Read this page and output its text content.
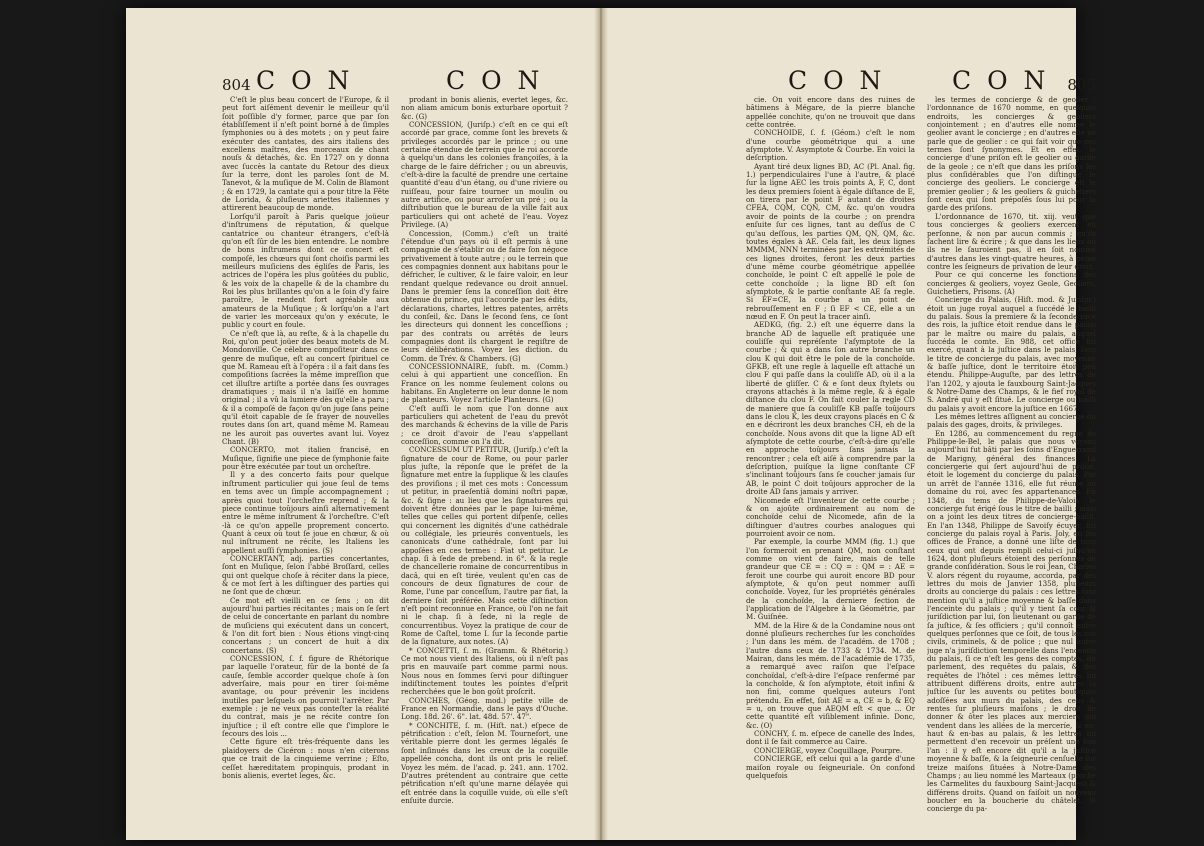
804 C O N	C O N

C'eſt le plus beau concert de l'Europe, & il peut fort aiſément devenir le meilleur qu'il ſoit poſſible d'y former, parce que par ſon établiſſement il n'eſt point borné à de ſimples ſymphonies ou à des motets ; on y peut faire exécuter des cantates, des airs italiens des excellens maîtres, des morceaux de chant nouſs & détachés, &c. En 1727 on y donna avec ſuccès la cantate du Retour des dieux ſur la terre, dont les paroles ſont de M. Tanevot, & la muſique de M. Colin de Blamont ; & en 1729, la cantate qui a pour titre la Fête de Lorida, & pluſieurs ariettes italiennes y attirerent beaucoup de monde.

Lorſqu'il paroît à Paris quelque joüeur d'inſtrumens de réputation, & quelque cantatrice ou chanteur étrangers, c'eſt-là qu'on eſt ſûr de les bien entendre. Le nombre de bons inſtrumens dont ce concert eſt compoſé, les chœurs qui ſont choiſis parmi les meilleurs muſiciens des égliſes de Paris, les actrices de l'opéra les plus goûtées du public, & les voix de la chapelle & de la chambre du Roi les plus brillantes qu'on a le ſoin d'y faire paroître, le rendent fort agréable aux amateurs de la Muſique ; & lorſqu'on a l'art de varier les morceaux qu'on y exécute, le public y court en foule.

Ce n'eſt que là, au reſte, & à la chapelle du Roi, qu'on peut joüer des beaux motets de M. Mondonville. Ce célebre compoſiteur dans ce genre de muſique, eſt au concert ſpirituel ce que M. Rameau eſt à l'opéra : il a fait dans ſes compoſitions ſacrées la même impreſſion que cet illuſtre artiſte a portée dans ſes ouvrages dramatiques ; mais il n'a laiſſé en homme original ; il a vû la lumiere dès qu'elle a paru ; & il a compoſé de façon qu'on juge ſans peine qu'il étoit capable de ſe frayer de nouvelles routes dans ſon art, quand même M. Rameau ne les auroit pas ouvertes avant lui. Voyez Chant. (B)

CONCERTO, mot italien francisé, en Muſique, ſignifie une piece de ſymphonie faite pour être exécutée par tout un orcheſtre.

Il y a des concerto faits pour quelque inſtrument particulier qui joue ſeul de tems en tems avec un ſimple accompagnement ; après quoi tout l'orcheſtre reprend ; & la piece continue toûjours ainſi alternativement entre le même inſtrument & l'orcheſtre. C'eſt -là ce qu'on appelle proprement concerto. Quant à ceux où tout ſe joue en chœur, & où nul inſtrument ne récite, les Italiens les appellent auſſi ſymphonies. (S)

CONCERTANT, adj. parties concertantes, ſont en Muſique, ſelon l'abbé Broſſard, celles qui ont quelque choſe à réciter dans la piece, & ce mot ſert à les diſtinguer des parties qui ne ſont que de chœur.

Ce mot eſt vieilli en ce ſens ; on dit aujourd'hui parties récitantes ; mais on ſe ſert de celui de concertante en parlant du nombre de muſiciens qui exécutent dans un concert, & l'on dit fort bien : Nous étions vingt-cinq concertans ; un concert de huit à dix concertans. (S)

CONCESSION, ſ. f. figure de Rhétorique par laquelle l'orateur, fûr de la bonté de ſa cauſe, ſemble accorder quelque choſe à ſon adverſaire, mais pour en tirer ſoi-même avantage, ou pour prévenir les incidens inutiles par leſquels on pourroit l'arrêter. Par exemple : je ne veux pas conteſter la réalité du contrat, mais je ne récite contre ſon injuſtice ; il eſt contre elle que ſ'implore le ſecours des lois ...

Cette figure eſt très-fréquente dans les plaidoyers de Cicéron : nous n'en citerons que ce trait de la cinquieme verrine ; Eſto, ceſſet hæreditatem propinquis, prodant in bonis alienis, evertet leges, &c.

prodant in bonis alienis, evertet leges, &c. non aliam amicum bonis exturbare oportuit ? &c. (G)

CONCESSION, (Juriſp.) c'eſt en ce qui eſt accordé par grace, comme ſont les brevets & privileges accordés par le prince ; ou une certaine étendue de terrein que le roi accorde à quelqu'un dans les colonies françoiſes, à la charge de le faire défricher ; ou un abreuvis, c'eſt-à-dire la faculté de prendre une certaine quantité d'eau d'un étang, ou d'une riviere ou ruiſſeau, pour faire tourner un moulin ou autre artifice, ou pour arroſer un pré ; ou la diſtribution que le bureau de la ville fait aux particuliers qui ont acheté de l'eau. Voyez Privilege. (A)

Concession, (Comm.) c'eſt un traité ſ'étendue d'un pays où il eſt permis à une compagnie de s'établir ou de faire ſon négoce privativement à toute autre ; ou le terrein que ces compagnies donnent aux habitans pour le défricher, le cultiver, & le faire valoir, en leur rendant quelque redevance ou droit annuel. Dans le premier ſens la conceſſion doit être obtenue du prince, qui l'accorde par les édits, déclarations, chartes, lettres patentes, arrêts du conſeil, &c. Dans le ſecond ſens, ce ſont les directeurs qui donnent les conceſſions ; par des contrats ou arrêtés de leurs compagnies dont ils chargent le regiſtre de leurs délibérations. Voyez les diction. du Comm. de Trév. & Chambers. (G)

CONCESSIONNAIRE, ſubſt. m. (Comm.) celui à qui appartient une conceſſion. En France on les nomme ſeulement colons ou habitans. En Angleterre on leur donne le nom de planteurs. Voyez l'article Planteurs. (G)

C'eſt auſſi le nom que l'on donne aux particuliers qui achetent de l'eau du prevôt des marchands & échevins de la ville de Paris ; ce droit d'avoir de l'eau s'appellant conceſſion, comme on l'a dit.

CONCESSUM UT PETITUR, (Juriſp.) c'eſt la ſignature de cour de Rome, ou pour parler plus juſte, la réponſe que le préfet de la ſignature met entre la ſupplique & les clauſes des proviſions ; il met ces mots : Concessum ut petitur, in praeſentiâ domini noſtri papæ, &c. & ſigne : au lieu que les ſignatures qui doivent être données par le pape lui-même, telles que celles qui portent diſpenſe, celles qui concernent les dignités d'une cathédrale ou collégiale, les prieurés conventuels, les canonicats d'une cathédrale, ſont par lui appoſées en ces termes : Fiat ut petitur. Le chap. ſi à ſede de prebend. in 6°. & la regle de chancellerie romaine de concurrentibus in dacâ, qui en eſt tirée, veulent qu'en cas de concours de deux ſignatures de cour de Rome, l'une par conceſſum, l'autre par fiat, la derniere ſoit préférée. Mais cette diſtinction n'eſt point reconnue en France, où l'on ne fait ni le chap. ſi à ſede, ni la regle de concurrentibus. Voyez la pratique de cour de Rome de Caſtel, tome I. ſur la ſeconde partie de la ſignature, aux notes. (A)

* CONCETTI, ſ. m. (Gramm. & Rhétoriq.) Ce mot nous vient des Italiens, où il n'eſt pas pris en mauvaiſe part comme parmi nous. Nous nous en ſommes ſervi pour diſtinguer indiſtinctement toutes les pointes d'eſprit recherchées que le bon goût proſcrit.

CONCHES, (Géog. mod.) petite ville de France en Normandie, dans le pays d'Ouche. Long. 18d. 26'. 6". lat. 48d. 57'. 47".

* CONCHITE, ſ. m. (Hiſt. nat.) eſpece de pétrification : c'eſt, ſelon M. Tournefort, une véritable pierre dont les germes légalés ſe ſont inſinués dans les creux de la coquille appellée concha, dont ils ont pris le relief. Voyez les mém. de l'acad. p. 241. ann. 1702. D'autres prétendent au contraire que cette pétrification n'eſt qu'une marne délayée qui eſt entrée dans la coquille vuide, où elle s'eſt enſuite durcie.

C O N	C O N 805

cie. On voit encore dans des ruines de bâtimens à Mégare, de la pierre blanche appellée conchite, qu'on ne trouvoit que dans cette contrée.

CONCHOIDE, ſ. f. (Géom.) c'eſt le nom d'une courbe géométrique qui a une aſymptote. V. Asymptote & Courbe. En voici la deſcription.

Ayant tiré deux lignes BD, AC (Pl. Anal. fig. 1.) perpendiculaires l'une à l'autre, & placé ſur la ligne AEC les trois points A, F, C, dont les deux premiers ſoient à égale diſtance de E, on tirera par le point F autant de droites CFEA, CQM, CQN, CM, &c. qu'on voudra avoir de points de la courbe ; on prendra enſuite ſur ces lignes, tant au deſſus de C qu'au deſſous, les parties QM, QN, QM, &c. toutes égales à AE. Cela fait, les deux lignes MMMM, NNN terminées par les extrémités de ces lignes droites, feront les deux parties d'une même courbe géométrique appellée conchoïde, le point C eſt appellé le pole de cette conchoïde ; la ligne BD eſt ſon aſymptote, & le partie conſtante AE ſa regle. Si EF=CE, la courbe a un point de rebrouſſement en F ; ſi EF < CE, elle a un nœud en F. On peut la tracer ainſi.

AEDKG, (fig. 2.) eſt une équerre dans la branche AD de laquelle eſt pratiquée une couliſſe qui repréſente l'aſymptote de la courbe ; & qui a dans ſon autre branche un clou K qui doit être le pole de la conchoïde. GFKB, eſt une regle à laquelle eſt attaché un clou F qui paſſe dans la couliſſe AD, où il a la liberté de gliſſer. C & e ſont deux ſtylets ou crayons attachés à la même regle, & à égale diſtance du clou F. On fait couler la regle CD de maniere que ſa couliſſe KB paſſe toûjours dans le clou K, les deux crayons placés en C & en e décriront les deux branches CH, eh de la conchoïde. Nous avons dit que la ligne AD eſt aſymptote de cette courbe, c'eſt-à-dire qu'elle en approche toûjours ſans jamais la rencontrer ; cela eſt aiſé à comprendre par la deſcription, puiſque la ligne conſtante CF s'inclinant toûjours ſans ſe coucher jamais ſur AB, le point C doit toûjours approcher de la droite AD ſans jamais y arriver.

Nicomede eſt l'inventeur de cette courbe ; & on ajoûte ordinairement au nom de conchoïde celui de Nicomede, afin de la diſtinguer d'autres courbes analogues qui pourroient avoir ce nom.

Par exemple, la courbe MMM (fig. 1.) que l'on formeroit en prenant QM, non conſtant comme on vient de faire, mais de telle grandeur que CE = : CQ = : QM = : AE = feroit une courbe qui auroit encore BD pour aſymptote, & qu'on peut nommer auſſi conchoïde. Voyez, ſur les propriétés générales de la conchoïde, la derniere ſection de l'application de l'Algebre à la Géométrie, par M. Guiſnée.

MM. de la Hire & de la Condamine nous ont donné pluſieurs recherches ſur les conchoïdes ; l'un dans les mém. de l'académ. de 1708 ; l'autre dans ceux de 1733 & 1734. M. de Mairan, dans les mém. de l'académie de 1735, a remarqué avec raiſon que l'eſpace conchoïdal, c'eſt-à-dire l'eſpace renfermé par la conchoïde, & ſon aſymptote, étoit infini & non fini, comme quelques auteurs l'ont prétendu. En effet, ſoit AE = a, CE = b, & EQ = u, on trouve que AEQM eſt < que ... Or cette quantité eſt viſiblement infinie. Donc, &c. (O)

CONCHY, ſ. m. eſpece de canelle des Indes, dont il ſe fait commerce au Caire.

CONCIERGE, voyez Coquillage, Pourpre.

CONCIERGE, eſt celui qui a la garde d'une maiſon royale ou ſeigneuriale. On confond quelquefois

les termes de concierge & de geolier ; l'ordonnance de 1670 nomme, en quelques endroits, les concierges & geoliers conjointement ; en d'autres elle nomme le geolier avant le concierge ; en d'autres elle ne parle que de geolier : ce qui fait voir que ces termes ſont ſynonymes. Et en effet, le concierge d'une priſon eſt le geolier ou garde de la geole ; ce n'eſt que dans les priſons les plus conſidérables que l'on diſtingue le concierge des geoliers. Le concierge eſt le premier geolier ; & les geoliers & guichetiers ſont ceux qui ſont prépoſés ſous lui pour la garde des priſons.

L'ordonnance de 1670, tit. xiij. veut que tous concierges & geoliers exercent en perſonne, & non par aucun commis ; qu'ils ſachent lire & écrire ; & que dans les lieux où ils ne le ſauroient pas, il en ſoit nommé d'autres dans les vingt-quatre heures, à peine contre les ſeigneurs de privation de leur droit.

Pour ce qui concerne les fonctions des concierges & geoliers, voyez Geole, Geoliers, Guichetiers, Prisons. (A)

Concierge du Palais, (Hiſt. mod. & Juriſpr.) étoit un juge royal auquel a ſuccédé le bailli du palais. Sous la premiere & la ſeconde race des rois, la juſtice étoit rendue dans le palais par le maître ou maire du palais, auquel ſuccéda le comte. En 988, cet office fut exercé, quant à la juſtice dans le palais, ſous le titre de concierge du palais, avec moyenne & baſſe juſtice, dont le territoire étoit peu étendu. Philippe-Auguſte, par des lettres de l'an 1202, y ajouta le fauxbourg Saint-Jacques & Notre-Dame des Champs, & le fief royal de S. André qui y eſt ſitué. Le concierge ou bailli du palais y avoit encore la juſtice en 1667.

Les mêmes lettres aſſignent au concierge du palais des gages, droits, & privileges.

En 1286, au commencement du regne de Philippe-le-Bel, le palais que nous voyons aujourd'hui fut bâti par les ſoins d'Enguerrand de Marigny, général des finances. La conciergerie qui ſert aujourd'hui de priſon, étoit le logement du concierge du palais. Par un arrêt de l'année 1316, elle fut réunie au domaine du roi, avec ſes appartenances. En 1348, du tems de Philippe-de-Valois, le concierge fut érigé ſous le titre de bailli ; mais on a joint les deux titres de concierge-bailli. En l'an 1348, Philippe de Savoiſy écuyer, fut concierge du palais royal à Paris. Joly, en ſes offices de France, a donné une liſte de tous ceux qui ont depuis rempli celui-ci juſqu'en 1624, dont pluſieurs étoient des perſonnes de grande conſidération. Sous le roi Jean, Charles V. alors régent du royaume, accorda, par des lettres du mois de Janvier 1358, pluſieurs droits au concierge du palais : ces lettres font mention qu'il a juſtice moyenne & baſſe dans l'enceinte du palais ; qu'il y tient ſa cour & juriſdiction par lui, ſon lieutenant ou garde de ſa juſtice, & ſes officiers ; qu'il connoît entre quelques perſonnes que ce ſoit, de tous les cas civils, criminels, & de police ; que nul autre juge n'a juriſdiction temporelle dans l'enceinte du palais, ſi ce n'eſt les gens des comptes, du parlement, des requêtes du palais, & des requêtes de l'hôtel : ces mêmes lettres lui attribuent différens droits, entre autres la juſtice ſur les auvents ou petites boutiques adoſſées aux murs du palais, des cens & rentes ſur pluſieurs maiſons ; le droit de donner & ôter les places aux merciers qui vendent dans les allées de la merceríe, & en-haut & en-bas au palais, & les lettres lui permettent d'en recevoir un préſent une fois l'an : il y eſt encore dit qu'il a la juſtice moyenne & baſſe, & la ſeigneurie cenſuelle ſur treize maiſons ſituées à Notre-Dame des Champs ; au lieu nommé les Marteaux (proche les Carmelites du fauxbourg Saint-Jacques) & différens droits. Quand on faiſoit un nouveau boucher en la boucherie du châtelet, le concierge du pa-
